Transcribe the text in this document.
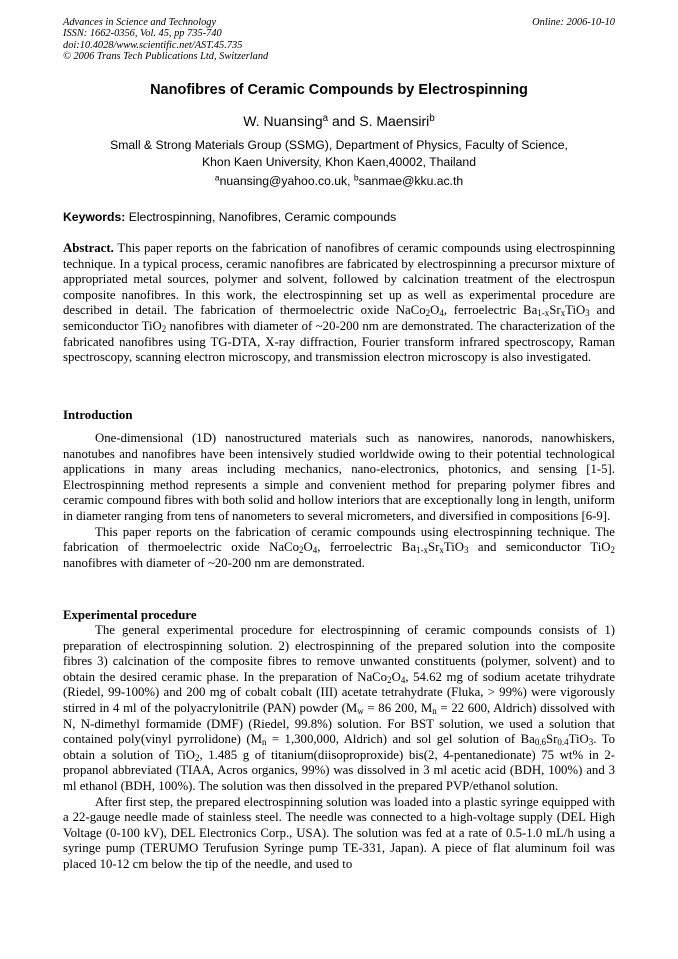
Advances in Science and Technology
ISSN: 1662-0356, Vol. 45, pp 735-740
doi:10.4028/www.scientific.net/AST.45.735
© 2006 Trans Tech Publications Ltd, Switzerland
Online: 2006-10-10
Nanofibres of Ceramic Compounds by Electrospinning
W. Nuansing$^a$ and S. Maensiri$^b$
Small & Strong Materials Group (SSMG), Department of Physics, Faculty of Science,
Khon Kaen University, Khon Kaen,40002, Thailand
$^a$nuansing@yahoo.co.uk, $^b$sanmae@kku.ac.th
Keywords: Electrospinning, Nanofibres, Ceramic compounds

Abstract. This paper reports on the fabrication of nanofibres of ceramic compounds using electrospinning technique. In a typical process, ceramic nanofibres are fabricated by electrospinning a precursor mixture of appropriated metal sources, polymer and solvent, followed by calcination treatment of the electrospun composite nanofibres. In this work, the electrospinning set up as well as experimental procedure are described in detail. The fabrication of thermoelectric oxide $NaCo_2O_4$, ferroelectric $Ba_{1-x}Sr_xTiO_3$ and semiconductor TiO$_2$ nanofibres with diameter of ~20-200 nm are demonstrated. The characterization of the fabricated nanofibres using TG-DTA, X-ray diffraction, Fourier transform infrared spectroscopy, Raman spectroscopy, scanning electron microscopy, and transmission electron microscopy is also investigated.

Introduction

One-dimensional (1D) nanostructured materials such as nanowires, nanorods, nanowhiskers, nanotubes and nanofibres have been intensively studied worldwide owing to their potential technological applications in many areas including mechanics, nano-electronics, photonics, and sensing [1-5]. Electrospinning method represents a simple and convenient method for preparing polymer fibres and ceramic compound fibres with both solid and hollow interiors that are exceptionally long in length, uniform in diameter ranging from tens of nanometers to several micrometers, and diversified in compositions [6-9].

This paper reports on the fabrication of ceramic compounds using electrospinning technique. The fabrication of thermoelectric oxide $NaCo_2O_4$, ferroelectric $Ba_{1-x}Sr_xTiO_3$ and semiconductor TiO$_2$ nanofibres with diameter of ~20-200 nm are demonstrated.

Experimental procedure

The general experimental procedure for electrospinning of ceramic compounds consists of 1) preparation of electrospinning solution. 2) electrospinning of the prepared solution into the composite fibres 3) calcination of the composite fibres to remove unwanted constituents (polymer, solvent) and to obtain the desired ceramic phase. In the preparation of $NaCo_2O_4$, 54.62 mg of sodium acetate trihydrate (Riedel, 99-100%) and 200 mg of cobalt cobalt (III) acetate tetrahydrate (Fluka, > 99%) were vigorously stirred in 4 ml of the polyacrylonitrile (PAN) powder ($M_w = 86$ 200, $M_n = 22$ 600, Aldrich) dissolved with N, N-dimethyl formamide (DMF) (Riedel, 99.8%) solution. For BST solution, we used a solution that contained poly(vinyl pyrrolidone) ($M_n = 1,300,000$, Aldrich) and sol gel solution of $Ba_{0.6}Sr_{0.4}TiO_3$. To obtain a solution of TiO$_2$, 1.485 g of titanium(diisoproproxide) bis(2, 4-pentanedionate) 75 wt% in 2-propanol abbreviated (TIAA, Acros organics, 99%) was dissolved in 3 ml acetic acid (BDH, 100%) and 3 ml ethanol (BDH, 100%). The solution was then dissolved in the prepared PVP/ethanol solution.

After first step, the prepared electrospinning solution was loaded into a plastic syringe equipped with a 22-gauge needle made of stainless steel. The needle was connected to a high-voltage supply (DEL High Voltage (0-100 kV), DEL Electronics Corp., USA). The solution was fed at a rate of 0.5-1.0 mL/h using a syringe pump (TERUMO Terufusion Syringe pump TE-331, Japan). A piece of flat aluminum foil was placed 10-12 cm below the tip of the needle, and used to
